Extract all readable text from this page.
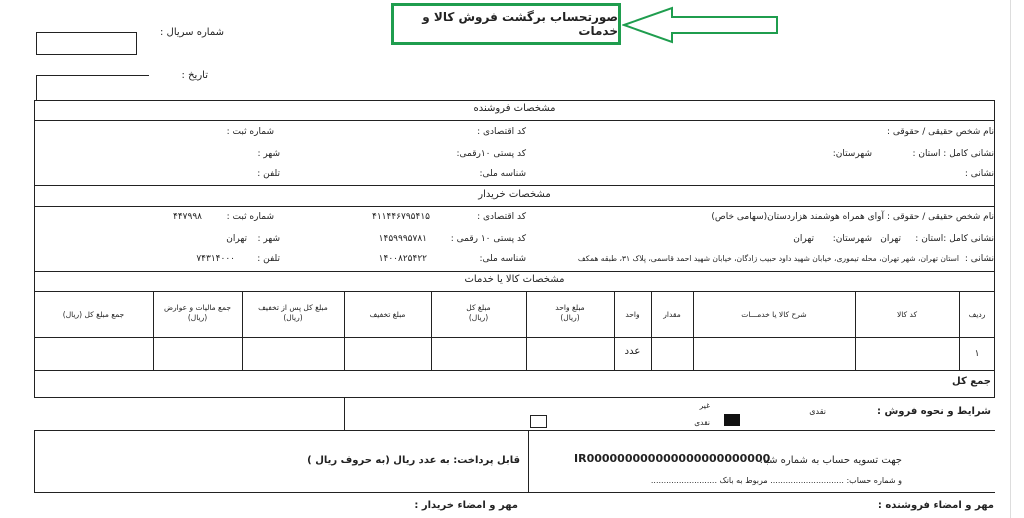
صورتحساب برگشت فروش کالا و خدمات
شماره سریال :
تاریخ :
مشخصات فروشنده
نام شخص حقیقی / حقوقی :
کد اقتصادی :
شماره ثبت :
نشانی کامل : استان :
شهرستان:
کد پستی ۱۰رقمی:
شهر :
نشانی :
شناسه ملی:
تلفن :
مشخصات خریدار
نام شخص حقیقی / حقوقی :
آوای همراه هوشمند هزاردستان(سهامی خاص)
کد اقتصادی :
۴۱۱۴۴۶۷۹۵۴۱۵
شماره ثبت :
۴۴۷۹۹۸
نشانی کامل :استان :
تهران
شهرستان:
تهران
کد پستی ۱۰ رقمی :
۱۴۵۹۹۹۵۷۸۱
شهر :
تهران
نشانی :
استان تهران، شهر تهران، محله تیموری، خیابان شهید داود حبیب زادگان، خیابان شهید احمد قاسمی، پلاک ۳۱، طبقه همکف
شناسه ملی:
۱۴۰۰۸۲۵۴۲۲
تلفن :
۷۴۳۱۴۰۰۰
مشخصات کالا یا خدمات
ردیف
کد کالا
شرح کالا یا خدمـــات
مقدار
واحد
مبلغ واحد
(ریال)
مبلغ کل
(ریال)
مبلغ تخفیف
مبلغ کل پس از تخفیف
(ریال)
جمع مالیات و عوارض
(ریال)
جمع مبلغ کل (ریال)
۱
عدد
جمع کل
شرایط و نحوه فروش :
نقدی
غیر
نقدی
قابل پرداخت: به عدد ریال (به حروف ریال )	جهت تسویه حساب به شماره شبا:
IR000000000000000000000000
و شماره حساب: ............................. مربوط به بانک ..........................
مهر و امضاء فروشنده :
مهر و امضاء خریدار :
